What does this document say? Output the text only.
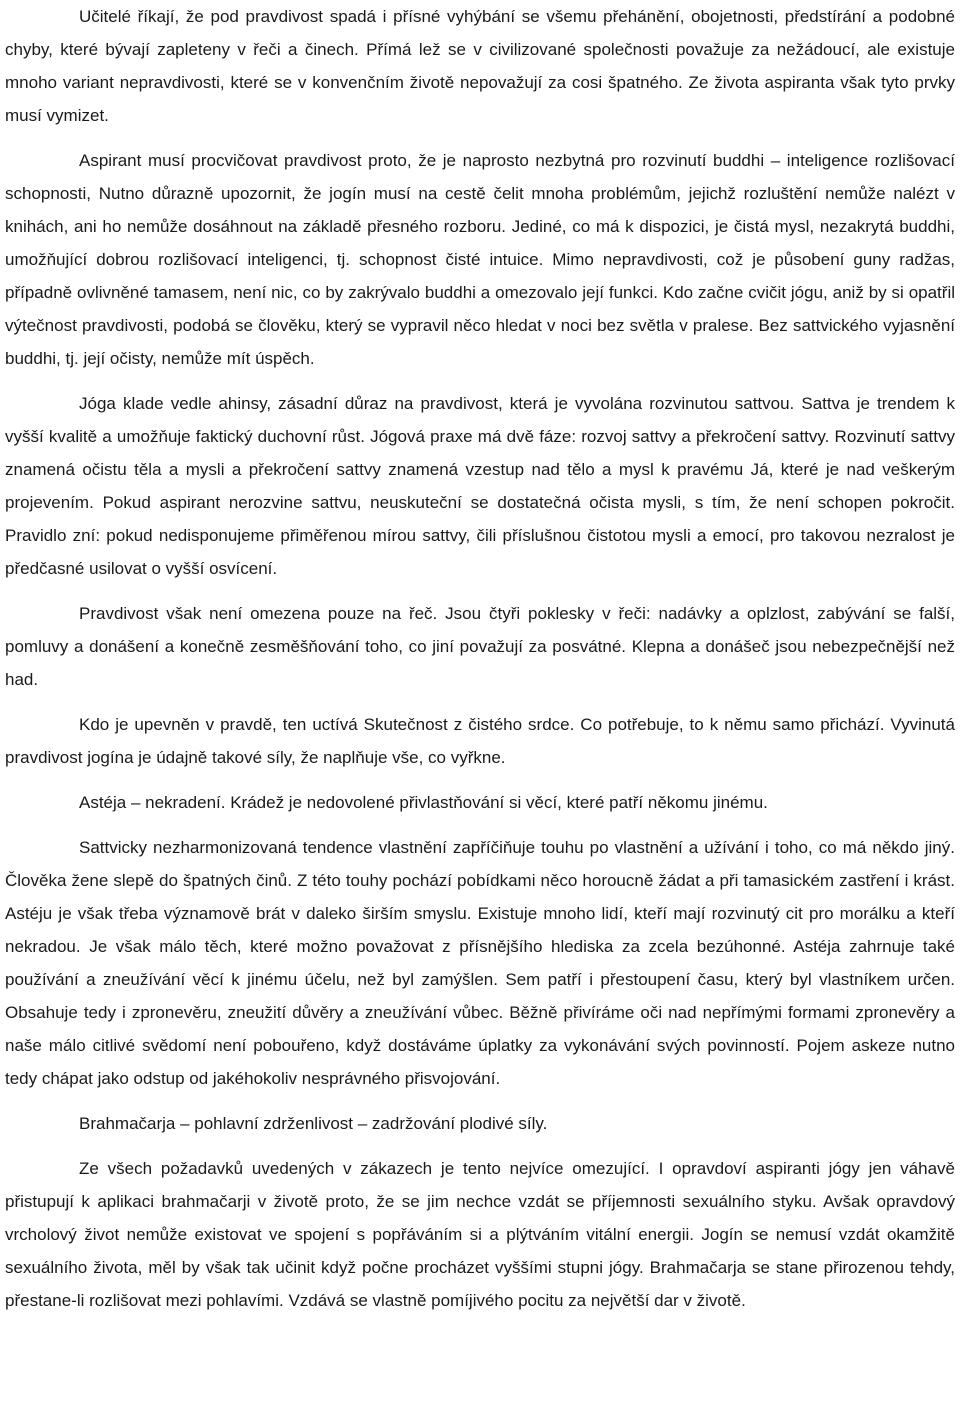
Učitelé říkají, že pod pravdivost spadá i přísné vyhýbání se všemu přehánění, obojetnosti, předstírání a podobné chyby, které bývají zapleteny v řeči a činech. Přímá lež se v civilizované společnosti považuje za nežádoucí, ale existuje mnoho variant nepravdivosti, které se v konvenčním životě nepovažují za cosi špatného. Ze života aspiranta však tyto prvky musí vymizet.

Aspirant musí procvičovat pravdivost proto, že je naprosto nezbytná pro rozvinutí buddhi – inteligence rozlišovací schopnosti, Nutno důrazně upozornit, že jogín musí na cestě čelit mnoha problémům, jejichž rozluštění nemůže nalézt v knihách, ani ho nemůže dosáhnout na základě přesného rozboru. Jediné, co má k dispozici, je čistá mysl, nezakrytá buddhi, umožňující dobrou rozlišovací inteligenci, tj. schopnost čisté intuice. Mimo nepravdivosti, což je působení guny radžas, případně ovlivněné tamasem, není nic, co by zakrývalo buddhi a omezovalo její funkci. Kdo začne cvičit jógu, aniž by si opatřil výtečnost pravdivosti, podobá se člověku, který se vypravil něco hledat v noci bez světla v pralese. Bez sattvického vyjasnění buddhi, tj. její očisty, nemůže mít úspěch.

Jóga klade vedle ahinsy, zásadní důraz na pravdivost, která je vyvolána rozvinutou sattvou. Sattva je trendem k vyšší kvalitě a umožňuje faktický duchovní růst. Jógová praxe má dvě fáze: rozvoj sattvy a překročení sattvy. Rozvinutí sattvy znamená očistu těla a mysli a překročení sattvy znamená vzestup nad tělo a mysl k pravému Já, které je nad veškerým projevením. Pokud aspirant nerozvine sattvu, neuskuteční se dostatečná očista mysli, s tím, že není schopen pokročit. Pravidlo zní: pokud nedisponujeme přiměřenou mírou sattvy, čili příslušnou čistotou mysli a emocí, pro takovou nezralost je předčasné usilovat o vyšší osvícení.

Pravdivost však není omezena pouze na řeč. Jsou čtyři poklesky v řeči: nadávky a oplzlost, zabývání se falší, pomluvy a donášení a konečně zesměšňování toho, co jiní považují za posvátné. Klepna a donášeč jsou nebezpečnější než had.

Kdo je upevněn v pravdě, ten uctívá Skutečnost z čistého srdce. Co potřebuje, to k němu samo přichází. Vyvinutá pravdivost jogína je údajně takové síly, že naplňuje vše, co vyřkne.

Astéja – nekradení. Krádež je nedovolené přivlastňování si věcí, které patří někomu jinému.

Sattvicky nezharmonizovaná tendence vlastnění zapříčiňuje touhu po vlastnění a užívání i toho, co má někdo jiný. Člověka žene slepě do špatných činů. Z této touhy pochází pobídkami něco horoucně žádat a při tamasickém zastření i krást. Astéju je však třeba významově brát v daleko širším smyslu. Existuje mnoho lidí, kteří mají rozvinutý cit pro morálku a kteří nekradou. Je však málo těch, které možno považovat z přísnějšího hlediska za zcela bezúhonné. Astéja zahrnuje také používání a zneužívání věcí k jinému účelu, než byl zamýšlen. Sem patří i přestoupení času, který byl vlastníkem určen. Obsahuje tedy i zpronevěru, zneužití důvěry a zneužívání vůbec. Běžně přivíráme oči nad nepřímými formami zpronevěry a naše málo citlivé svědomí není pobouřeno, když dostáváme úplatky za vykonávání svých povinností. Pojem askeze nutno tedy chápat jako odstup od jakéhokoliv nesprávného přisvojování.

Brahmačarja – pohlavní zdrženlivost – zadržování plodivé síly.

Ze všech požadavků uvedených v zákazech je tento nejvíce omezující. I opravdoví aspiranti jógy jen váhavě přistupují k aplikaci brahmačarji v životě proto, že se jim nechce vzdát se příjemnosti sexuálního styku. Avšak opravdový vrcholový život nemůže existovat ve spojení s popřáváním si a plýtváním vitální energii. Jogín se nemusí vzdát okamžitě sexuálního života, měl by však tak učinit když počne procházet vyššími stupni jógy. Brahmačarja se stane přirozenou tehdy, přestane-li rozlišovat mezi pohlavími. Vzdává se vlastně pomíjivého pocitu za největší dar v životě.
